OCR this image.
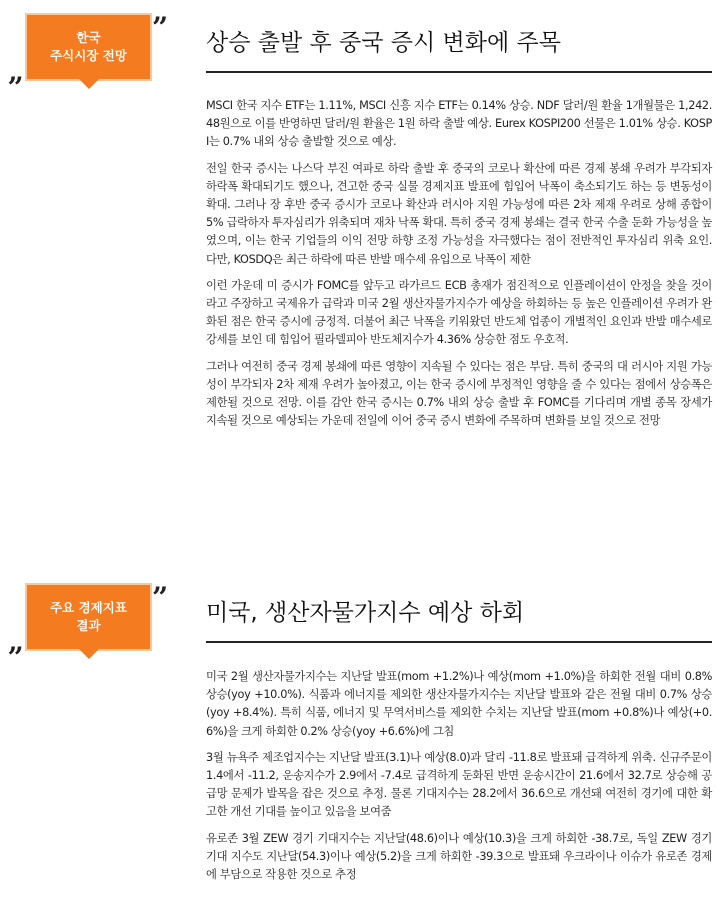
한국
주식시장 전망
”
„
상승 출발 후 중국 증시 변화에 주목

MSCI 한국 지수 ETF는 1.11%, MSCI 신흥 지수 ETF는 0.14% 상승. NDF 달러/원 환율 1개월물은 1,242.48원으로 이를 반영하면 달러/원 환율은 1원 하락 출발 예상. Eurex KOSPI200 선물은 1.01% 상승. KOSPI는 0.7% 내외 상승 출발할 것으로 예상.

전일 한국 증시는 나스닥 부진 여파로 하락 출발 후 중국의 코로나 확산에 따른 경제 봉쇄 우려가 부각되자 하락폭 확대되기도 했으나, 견고한 중국 실물 경제지표 발표에 힘입어 낙폭이 축소되기도 하는 등 변동성이 확대. 그러나 장 후반 중국 증시가 코로나 확산과 러시아 지원 가능성에 따른 2차 제재 우려로 상해 종합이 5% 급락하자 투자심리가 위축되며 재차 낙폭 확대. 특히 중국 경제 봉쇄는 결국 한국 수출 둔화 가능성을 높였으며, 이는 한국 기업들의 이익 전망 하향 조정 가능성을 자극했다는 점이 전반적인 투자심리 위축 요인. 다만, KOSDQ은 최근 하락에 따른 반발 매수세 유입으로 낙폭이 제한

이런 가운데 미 증시가 FOMC를 앞두고 라가르드 ECB 총재가 점진적으로 인플레이션이 안정을 찾을 것이라고 주장하고 국제유가 급락과 미국 2월 생산자물가지수가 예상을 하회하는 등 높은 인플레이션 우려가 완화된 점은 한국 증시에 긍정적. 더불어 최근 낙폭을 키워왔던 반도체 업종이 개별적인 요인과 반발 매수세로 강세를 보인 데 힘입어 필라델피아 반도체지수가 4.36% 상승한 점도 우호적.

그러나 여전히 중국 경제 봉쇄에 따른 영향이 지속될 수 있다는 점은 부담. 특히 중국의 대 러시아 지원 가능성이 부각되자 2차 제재 우려가 높아졌고, 이는 한국 증시에 부정적인 영향을 줄 수 있다는 점에서 상승폭은 제한될 것으로 전망. 이를 감안 한국 증시는 0.7% 내외 상승 출발 후 FOMC를 기다리며 개별 종목 장세가 지속될 것으로 예상되는 가운데 전일에 이어 중국 증시 변화에 주목하며 변화를 보일 것으로 전망

주요 경제지표
결과
”
„
미국, 생산자물가지수 예상 하회

미국 2월 생산자물가지수는 지난달 발표(mom +1.2%)나 예상(mom +1.0%)을 하회한 전월 대비 0.8% 상승(yoy +10.0%). 식품과 에너지를 제외한 생산자물가지수는 지난달 발표와 같은 전월 대비 0.7% 상승(yoy +8.4%). 특히 식품, 에너지 및 무역서비스를 제외한 수치는 지난달 발표(mom +0.8%)나 예상(+0.6%)을 크게 하회한 0.2% 상승(yoy +6.6%)에 그침

3월 뉴욕주 제조업지수는 지난달 발표(3.1)나 예상(8.0)과 달리 -11.8로 발표돼 급격하게 위축. 신규주문이 1.4에서 -11.2, 운송지수가 2.9에서 -7.4로 급격하게 둔화된 반면 운송시간이 21.6에서 32.7로 상승해 공급망 문제가 발목을 잡은 것으로 추정. 물론 기대지수는 28.2에서 36.6으로 개선돼 여전히 경기에 대한 확고한 개선 기대를 높이고 있음을 보여줌

유로존 3월 ZEW 경기 기대지수는 지난달(48.6)이나 예상(10.3)을 크게 하회한 -38.7로, 독일 ZEW 경기기대 지수도 지난달(54.3)이나 예상(5.2)을 크게 하회한 -39.3으로 발표돼 우크라이나 이슈가 유로존 경제에 부담으로 작용한 것으로 추정
